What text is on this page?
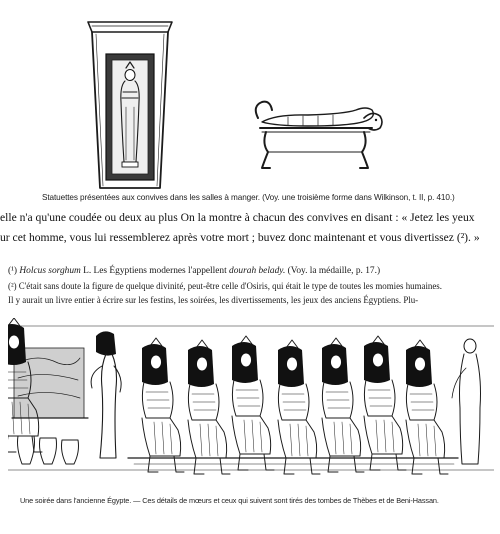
Statuettes présentées aux convives dans les salles à manger. (Voy. une troisième forme dans Wilkinson, t. II, p. 410.)
elle n'a qu'une coudée ou deux au plus On la montre à chacun des convives en disant : « Jetez les yeux
ur cet homme, vous lui ressemblerez après votre mort ; buvez donc maintenant et vous divertissez (²). »
(¹) Holcus sorghum L. Les Égyptiens modernes l'appellent dourah belady. (Voy. la médaille, p. 17.)
(²) C'était sans doute la figure de quelque divinité, peut-être celle d'Osiris, qui était le type de toutes les momies humaines.
Il y aurait un livre entier à écrire sur les festins, les soirées, les divertissements, les jeux des anciens Égyptiens. Plu-
Une soirée dans l'ancienne Égypte. — Ces détails de mœurs et ceux qui suivent sont tirés des tombes de Thèbes et de Beni-Hassan.
